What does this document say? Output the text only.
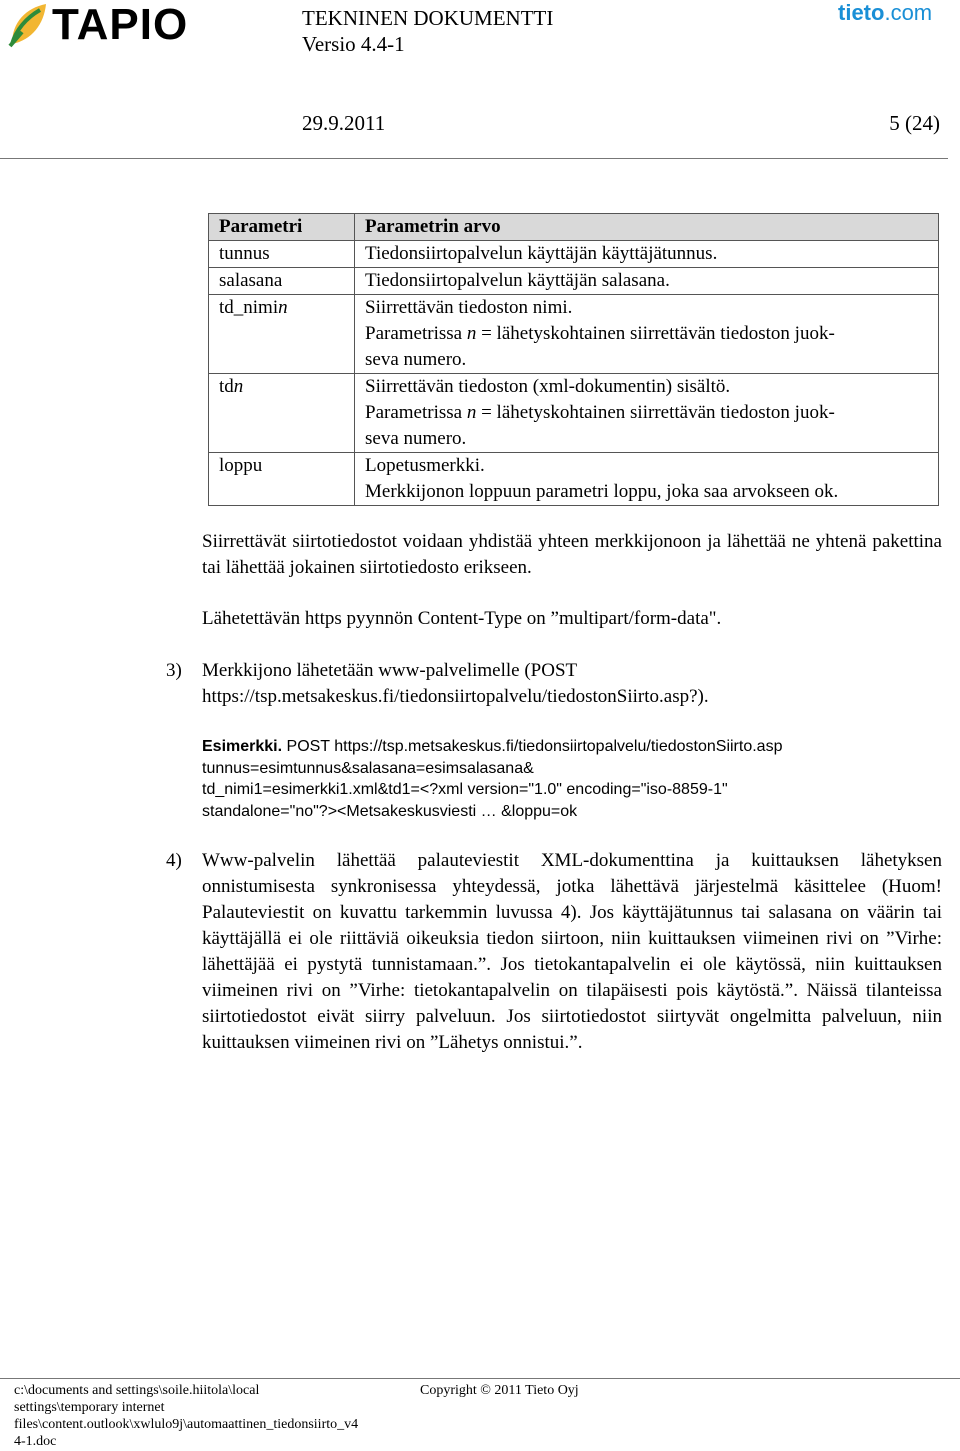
TAPIO	TEKNINEN DOKUMENTTI
Versio 4.4-1
tieto.com
29.9.2011	5 (24)
Parametri	Parametrin arvo
tunnus	Tiedonsiirtopalvelun käyttäjän käyttäjätunnus.
salasana	Tiedonsiirtopalvelun käyttäjän salasana.
td_nimin	Siirrettävän tiedoston nimi.
Parametrissa n = lähetyskohtainen siirrettävän tiedoston juok-
seva numero.

tdn	Siirrettävän tiedoston (xml-dokumentin) sisältö.
Parametrissa n = lähetyskohtainen siirrettävän tiedoston juok-
seva numero.

loppu	Lopetusmerkki.
Merkkijonon loppuun parametri loppu, joka saa arvokseen ok.
Siirrettävät siirtotiedostot voidaan yhdistää yhteen merkkijonoon ja lähettää ne yhtenä pakettina tai lähettää jokainen siirtotiedosto erikseen.
Lähetettävän https pyynnön Content-Type on ”multipart/form-data".
3) Merkkijono lähetetään www-palvelimelle (POST
https://tsp.metsakeskus.fi/tiedonsiirtopalvelu/tiedostonSiirto.asp?).
Esimerkki. POST https://tsp.metsakeskus.fi/tiedonsiirtopalvelu/tiedostonSiirto.asp
tunnus=esimtunnus&salasana=esimsalasana&
td_nimi1=esimerkki1.xml&td1=<?xml version="1.0" encoding="iso-8859-1"
standalone="no"?><Metsakeskusviesti … &loppu=ok
4) Www-palvelin lähettää palauteviestit XML-dokumenttina ja kuittauksen lähetyksen onnistumisesta synkronisessa yhteydessä, jotka lähettävä järjestelmä käsittelee (Huom! Palauteviestit on kuvattu tarkemmin luvussa 4). Jos käyttäjätunnus tai salasana on väärin tai käyttäjällä ei ole riittäviä oikeuksia tiedon siirtoon, niin kuittauksen viimeinen rivi on ”Virhe: lähettäjää ei pystytä tunnistamaan.”. Jos tietokantapalvelin ei ole käytössä, niin kuittauksen viimeinen rivi on ”Virhe: tietokantapalvelin on tilapäisesti pois käytöstä.”. Näissä tilanteissa siirtotiedostot eivät siirry palveluun. Jos siirtotiedostot siirtyvät ongelmitta palveluun, niin kuittauksen viimeinen rivi on ”Lähetys onnistui.”.
c:\documents and settings\soile.hiitola\local settings\temporary internet files\content.outlook\xwlulo9j\automaattinen_tiedonsiirto_v4 4-1.doc
Copyright © 2011 Tieto Oyj
